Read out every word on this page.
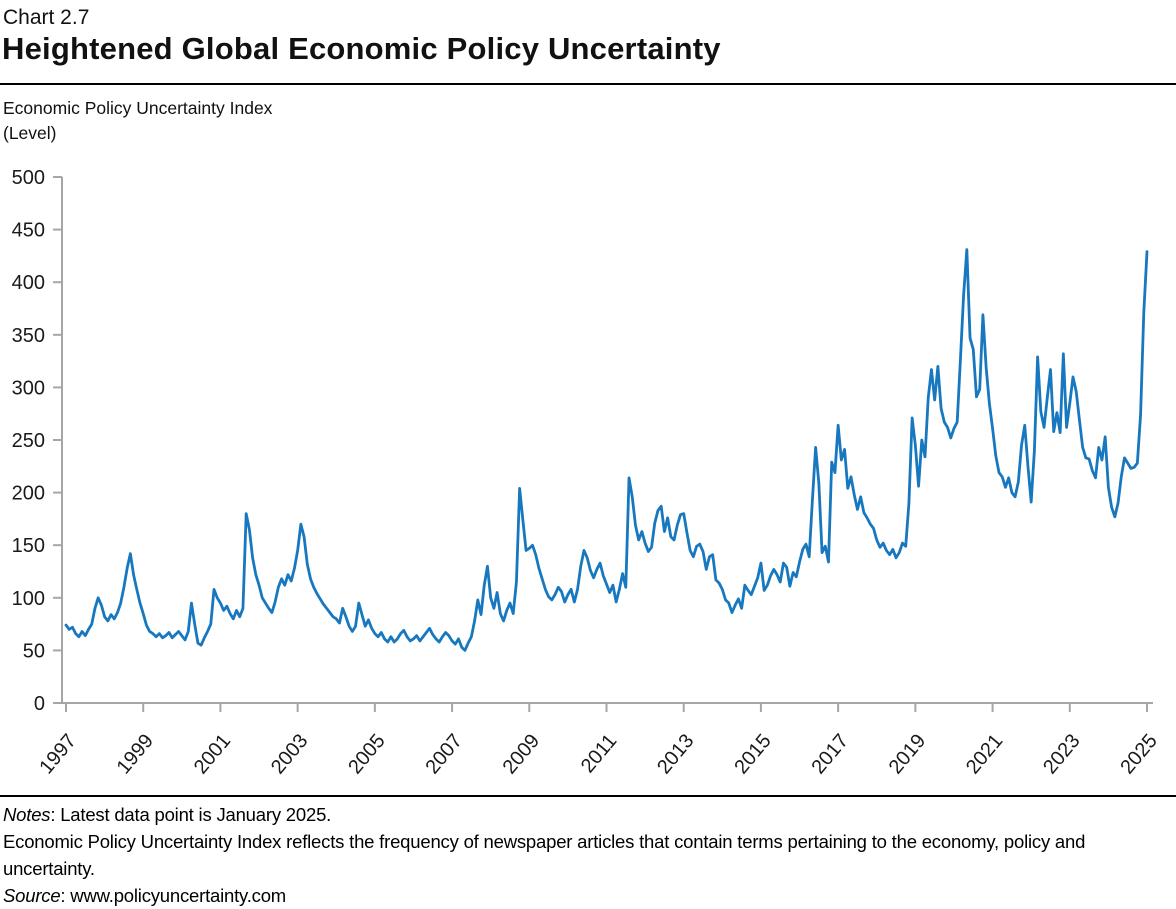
Chart 2.7
Heightened Global Economic Policy Uncertainty
Economic Policy Uncertainty Index
(Level)
0
50
100
150
200
250
300
350
400
450
500
1997 1999 2001 2003 2005 2007 2009 2011 2013 2015 2017 2019 2021 2023 2025
Notes: Latest data point is January 2025.
Economic Policy Uncertainty Index reflects the frequency of newspaper articles that contain terms pertaining to the economy, policy and uncertainty.
Source: www.policyuncertainty.com
